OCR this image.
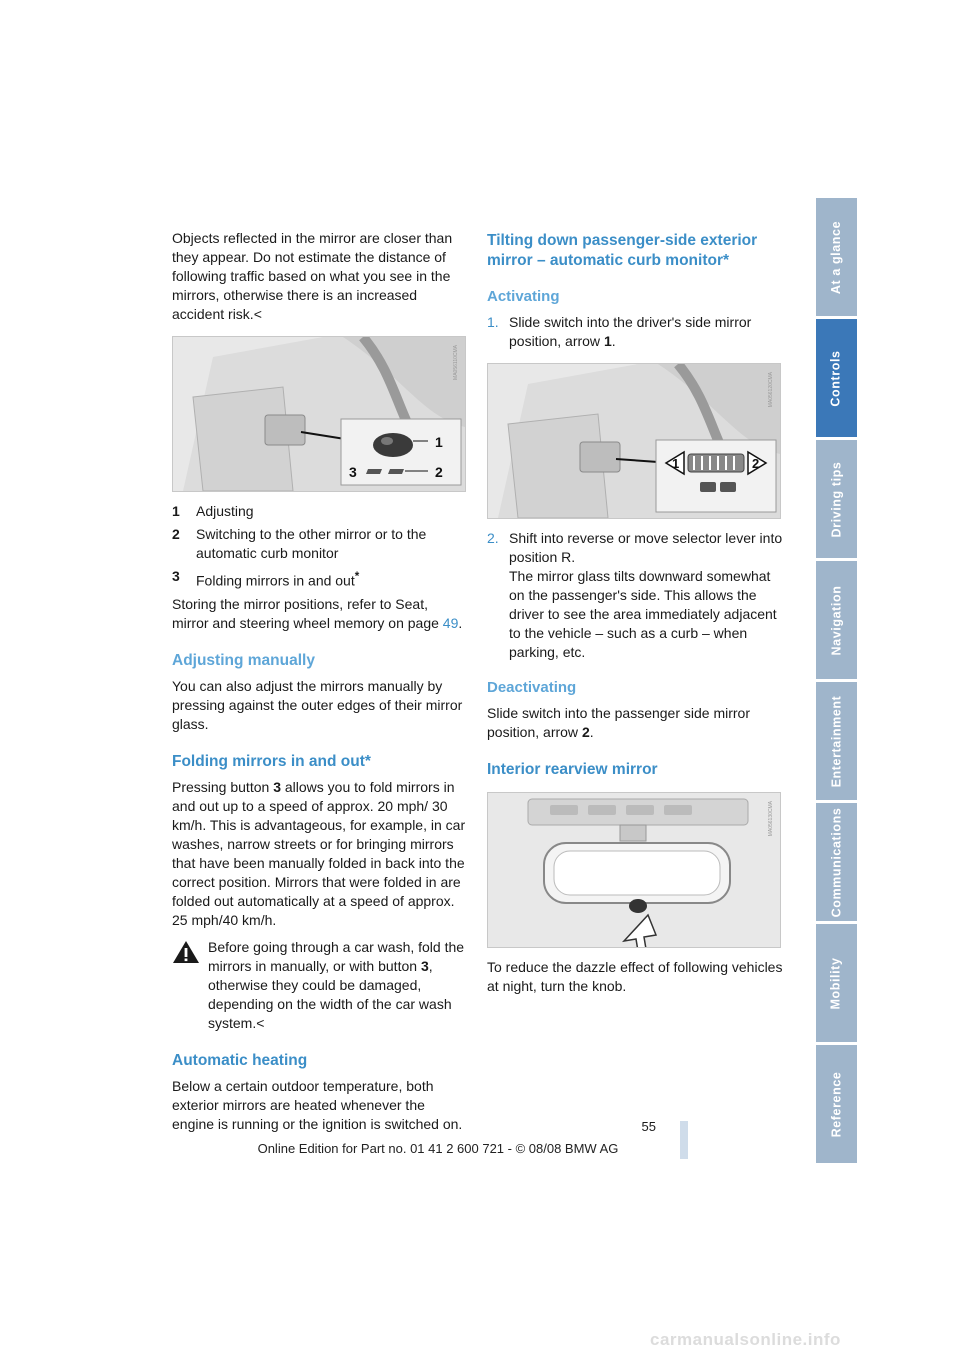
At a glance
Controls
Driving tips
Navigation
Entertainment
Communications
Mobility
Reference

Objects reflected in the mirror are closer than they appear. Do not estimate the distance of following traffic based on what you see in the mirrors, otherwise there is an increased accident risk.<

1
2
3
MA056110CMA
1	Adjusting
2	Switching to the other mirror or to the automatic curb monitor
3	Folding mirrors in and out*

Storing the mirror positions, refer to Seat, mirror and steering wheel memory on page 49.

Adjusting manually

You can also adjust the mirrors manually by pressing against the outer edges of their mirror glass.

Folding mirrors in and out*

Pressing button 3 allows you to fold mirrors in and out up to a speed of approx. 20 mph/ 30 km/h. This is advantageous, for example, in car washes, narrow streets or for bringing mirrors that have been manually folded in back into the correct position. Mirrors that were folded in are folded out automatically at a speed of approx. 25 mph/40 km/h.

Before going through a car wash, fold the mirrors in manually, or with button 3, otherwise they could be damaged, depending on the width of the car wash system.<
Automatic heating

Below a certain outdoor temperature, both exterior mirrors are heated whenever the engine is running or the ignition is switched on.

Tilting down passenger-side exterior mirror – automatic curb monitor*
Activating
1. Slide switch into the driver's side mirror position, arrow 1.
1	2
MA056120CMA
2. Shift into reverse or move selector lever into position R.
The mirror glass tilts downward somewhat on the passenger's side. This allows the driver to see the area immediately adjacent to the vehicle – such as a curb – when parking, etc.
Deactivating

Slide switch into the passenger side mirror position, arrow 2.

Interior rearview mirror
MA056130CMA

To reduce the dazzle effect of following vehicles at night, turn the knob.

55
Online Edition for Part no. 01 41 2 600 721 - © 08/08 BMW AG
carmanualsonline.info
